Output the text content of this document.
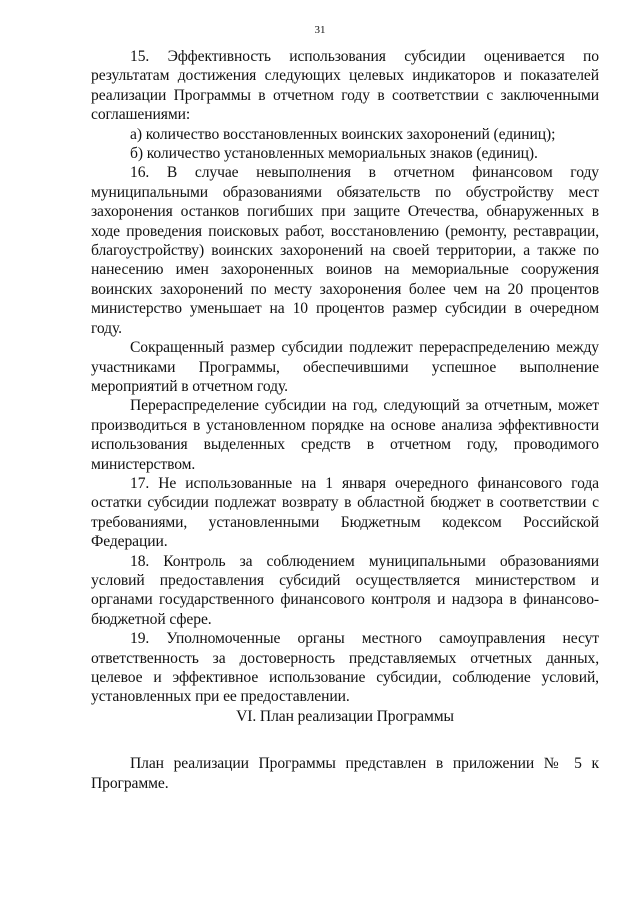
31

15. Эффективность использования субсидии оценивается по результатам достижения следующих целевых индикаторов и показателей реализации Программы в отчетном году в соответствии с заключенными соглашениями:

а) количество восстановленных воинских захоронений (единиц);

б) количество установленных мемориальных знаков (единиц).

16. В случае невыполнения в отчетном финансовом году муниципальными образованиями обязательств по обустройству мест захоронения останков погибших при защите Отечества, обнаруженных в ходе проведения поисковых работ, восстановлению (ремонту, реставрации, благоустройству) воинских захоронений на своей территории, а также по нанесению имен захороненных воинов на мемориальные сооружения воинских захоронений по месту захоронения более чем на 20 процентов министерство уменьшает на 10 процентов размер субсидии в очередном году.

Сокращенный размер субсидии подлежит перераспределению между участниками Программы, обеспечившими успешное выполнение мероприятий в отчетном году.

Перераспределение субсидии на год, следующий за отчетным, может производиться в установленном порядке на основе анализа эффективности использования выделенных средств в отчетном году, проводимого министерством.

17. Не использованные на 1 января очередного финансового года остатки субсидии подлежат возврату в областной бюджет в соответствии с требованиями, установленными Бюджетным кодексом Российской Федерации.

18. Контроль за соблюдением муниципальными образованиями условий предоставления субсидий осуществляется министерством и органами государственного финансового контроля и надзора в финансово-бюджетной сфере.

19. Уполномоченные органы местного самоуправления несут ответственность за достоверность представляемых отчетных данных, целевое и эффективное использование субсидии, соблюдение условий, установленных при ее предоставлении.

VI. План реализации Программы

План реализации Программы представлен в приложении № 5 к Программе.
